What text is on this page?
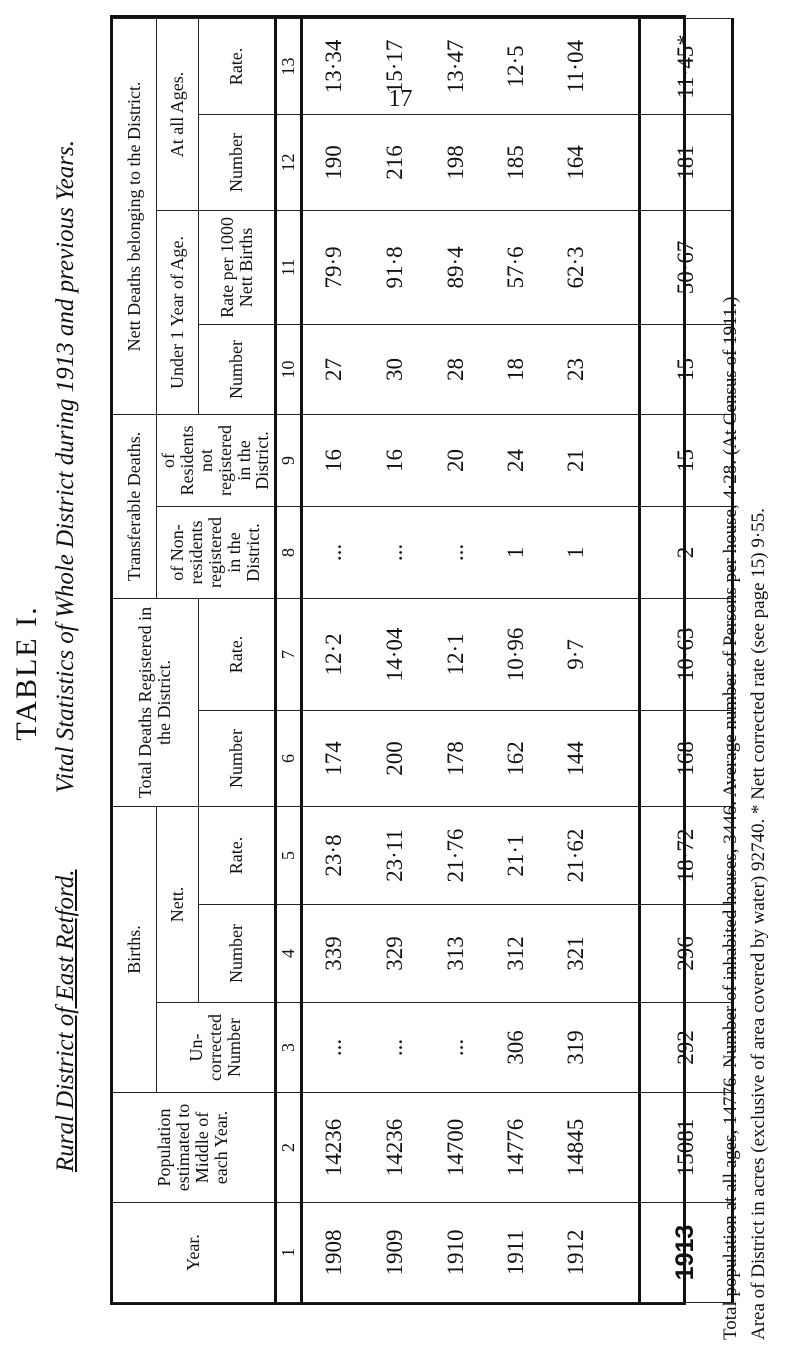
17
TABLE I.
Rural District of East Retford. Vital Statistics of Whole District during 1913 and previous Years.
Year.	Population estimated to Middle of each Year.	Births.			Total Deaths Registered in the District.		Transferable Deaths.		Nett Deaths belonging to the District.			
		Un-corrected Number	Nett.				of Non-residents registered in the District.	of Residents not registered in the District.	Under 1 Year of Age.		At all Ages.	
			Number	Rate.	Number	Rate.			Number	Rate per 1000 Nett Births	Number	Rate.
1	2	3	4	5	6	7	8	9	10	11	12	13
1908	14236	...	339	23·8	174	12·2	...	16	27	79·9	190	13·34
1909	14236	...	329	23·11	200	14·04	...	16	30	91·8	216	15·17
1910	14700	...	313	21·76	178	12·1	...	20	28	89·4	198	13·47
1911	14776	306	312	21·1	162	10·96	1	24	18	57·6	185	12·5
1912	14845	319	321	21·62	144	9·7	1	21	23	62·3	164	11·04

1913	15081	292	296	18·72	168	10·63	2	15	15	50·67	181	11·45*
Total population at all ages, 14776. Number of inhabited houses, 3446. Average number of Persons per house, 4·28. (At Census of 1911.) Area of District in acres (exclusive of area covered by water) 92740. * Nett corrected rate (see page 15) 9·55.
